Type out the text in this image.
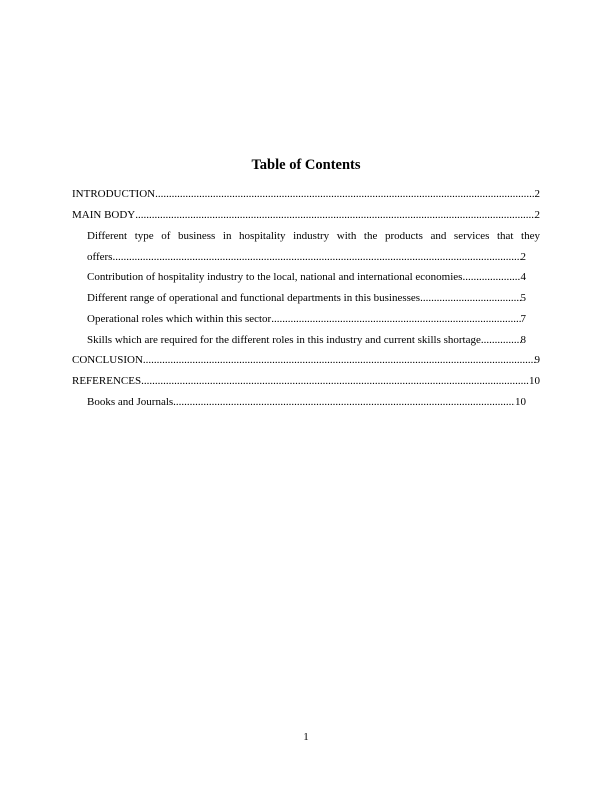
Table of Contents
INTRODUCTION .....	2
MAIN BODY .....	2
Different type of business in hospitality industry with the products and services that they
offers .....	2
Contribution of hospitality industry to the local, national and international economies .....	4
Different range of operational and functional departments in this businesses .....	5
Operational roles which within this sector .....	7
Skills which are required for the different roles in this industry and current skills shortage .....	8
CONCLUSION .....	9
REFERENCES .....	10
Books and Journals .....	10
1
